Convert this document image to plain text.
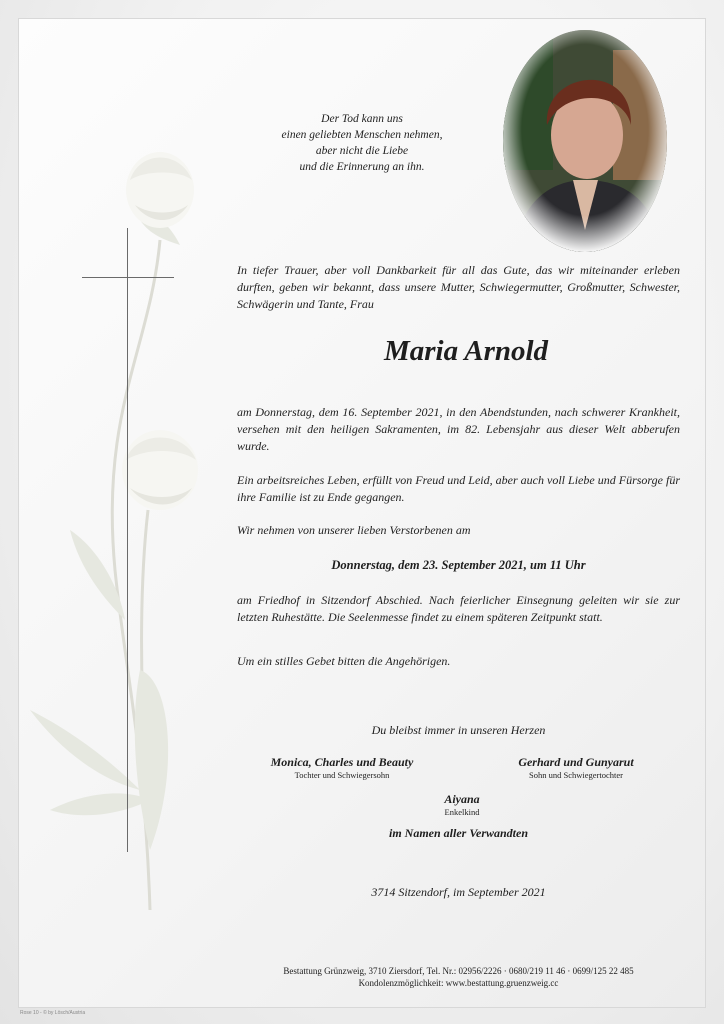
Der Tod kann uns
einen geliebten Menschen nehmen,
aber nicht die Liebe
und die Erinnerung an ihn.
In tiefer Trauer, aber voll Dankbarkeit für all das Gute, das wir miteinander erleben durften, geben wir bekannt, dass unsere Mutter, Schwiegermutter, Großmutter, Schwester, Schwägerin und Tante, Frau
Maria Arnold
am Donnerstag, dem 16. September 2021, in den Abendstunden, nach schwerer Krankheit, versehen mit den heiligen Sakramenten, im 82. Lebensjahr aus dieser Welt abberufen wurde.
Ein arbeitsreiches Leben, erfüllt von Freud und Leid, aber auch voll Liebe und Fürsorge für ihre Familie ist zu Ende gegangen.
Wir nehmen von unserer lieben Verstorbenen am
Donnerstag, dem 23. September 2021, um 11 Uhr
am Friedhof in Sitzendorf Abschied. Nach feierlicher Einsegnung geleiten wir sie zur letzten Ruhestätte. Die Seelenmesse findet zu einem späteren Zeitpunkt statt.
Um ein stilles Gebet bitten die Angehörigen.
Du bleibst immer in unseren Herzen
Monica, Charles und Beauty
Tochter und Schwiegersohn
Gerhard und Gunyarut
Sohn und Schwiegertochter
Aiyana
Enkelkind
im Namen aller Verwandten
3714 Sitzendorf, im September 2021
Bestattung Grünzweig, 3710 Ziersdorf, Tel. Nr.: 02956/2226 · 0680/219 11 46 · 0699/125 22 485
Kondolenzmöglichkeit: www.bestattung.gruenzweig.cc
Rose 10 - © by Lösch/Austria
